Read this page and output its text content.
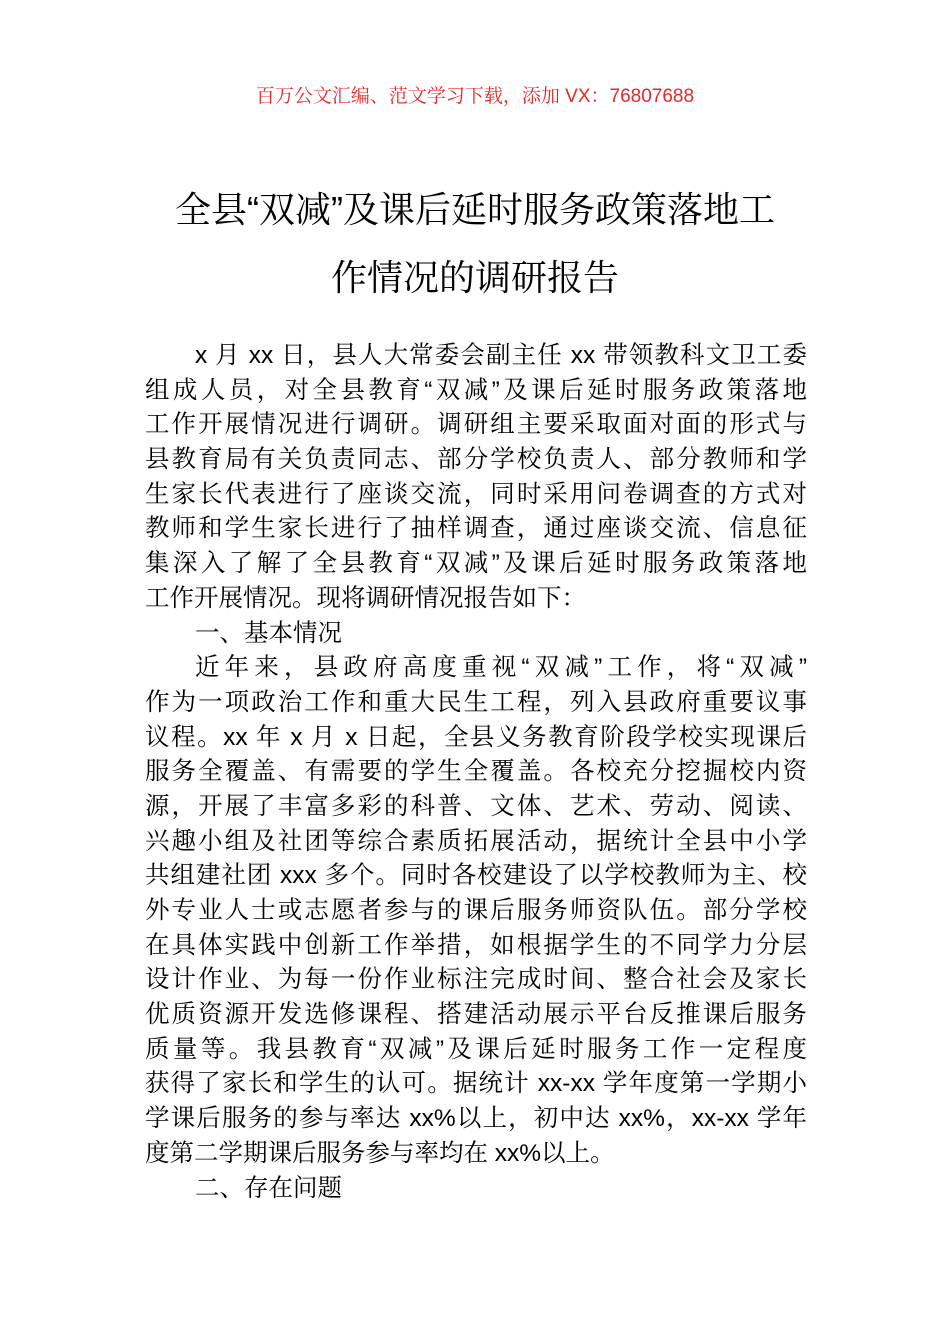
百万公文汇编、范文学习下载，添加 VX：76807688
全县“双减”及课后延时服务政策落地工
作情况的调研报告
x 月 xx 日，县人大常委会副主任 xx 带领教科文卫工委
组成人员，对全县教育“双减”及课后延时服务政策落地
工作开展情况进行调研。调研组主要采取面对面的形式与
县教育局有关负责同志、部分学校负责人、部分教师和学
生家长代表进行了座谈交流，同时采用问卷调查的方式对
教师和学生家长进行了抽样调查，通过座谈交流、信息征
集深入了解了全县教育“双减”及课后延时服务政策落地
工作开展情况。现将调研情况报告如下：
一、基本情况
近年来，县政府高度重视“双减”工作，将“双减”
作为一项政治工作和重大民生工程，列入县政府重要议事
议程。xx 年 x 月 x 日起，全县义务教育阶段学校实现课后
服务全覆盖、有需要的学生全覆盖。各校充分挖掘校内资
源，开展了丰富多彩的科普、文体、艺术、劳动、阅读、
兴趣小组及社团等综合素质拓展活动，据统计全县中小学
共组建社团 xxx 多个。同时各校建设了以学校教师为主、校
外专业人士或志愿者参与的课后服务师资队伍。部分学校
在具体实践中创新工作举措，如根据学生的不同学力分层
设计作业、为每一份作业标注完成时间、整合社会及家长
优质资源开发选修课程、搭建活动展示平台反推课后服务
质量等。我县教育“双减”及课后延时服务工作一定程度
获得了家长和学生的认可。据统计 xx-xx 学年度第一学期小
学课后服务的参与率达 xx%以上，初中达 xx%，xx-xx 学年
度第二学期课后服务参与率均在 xx%以上。
二、存在问题
